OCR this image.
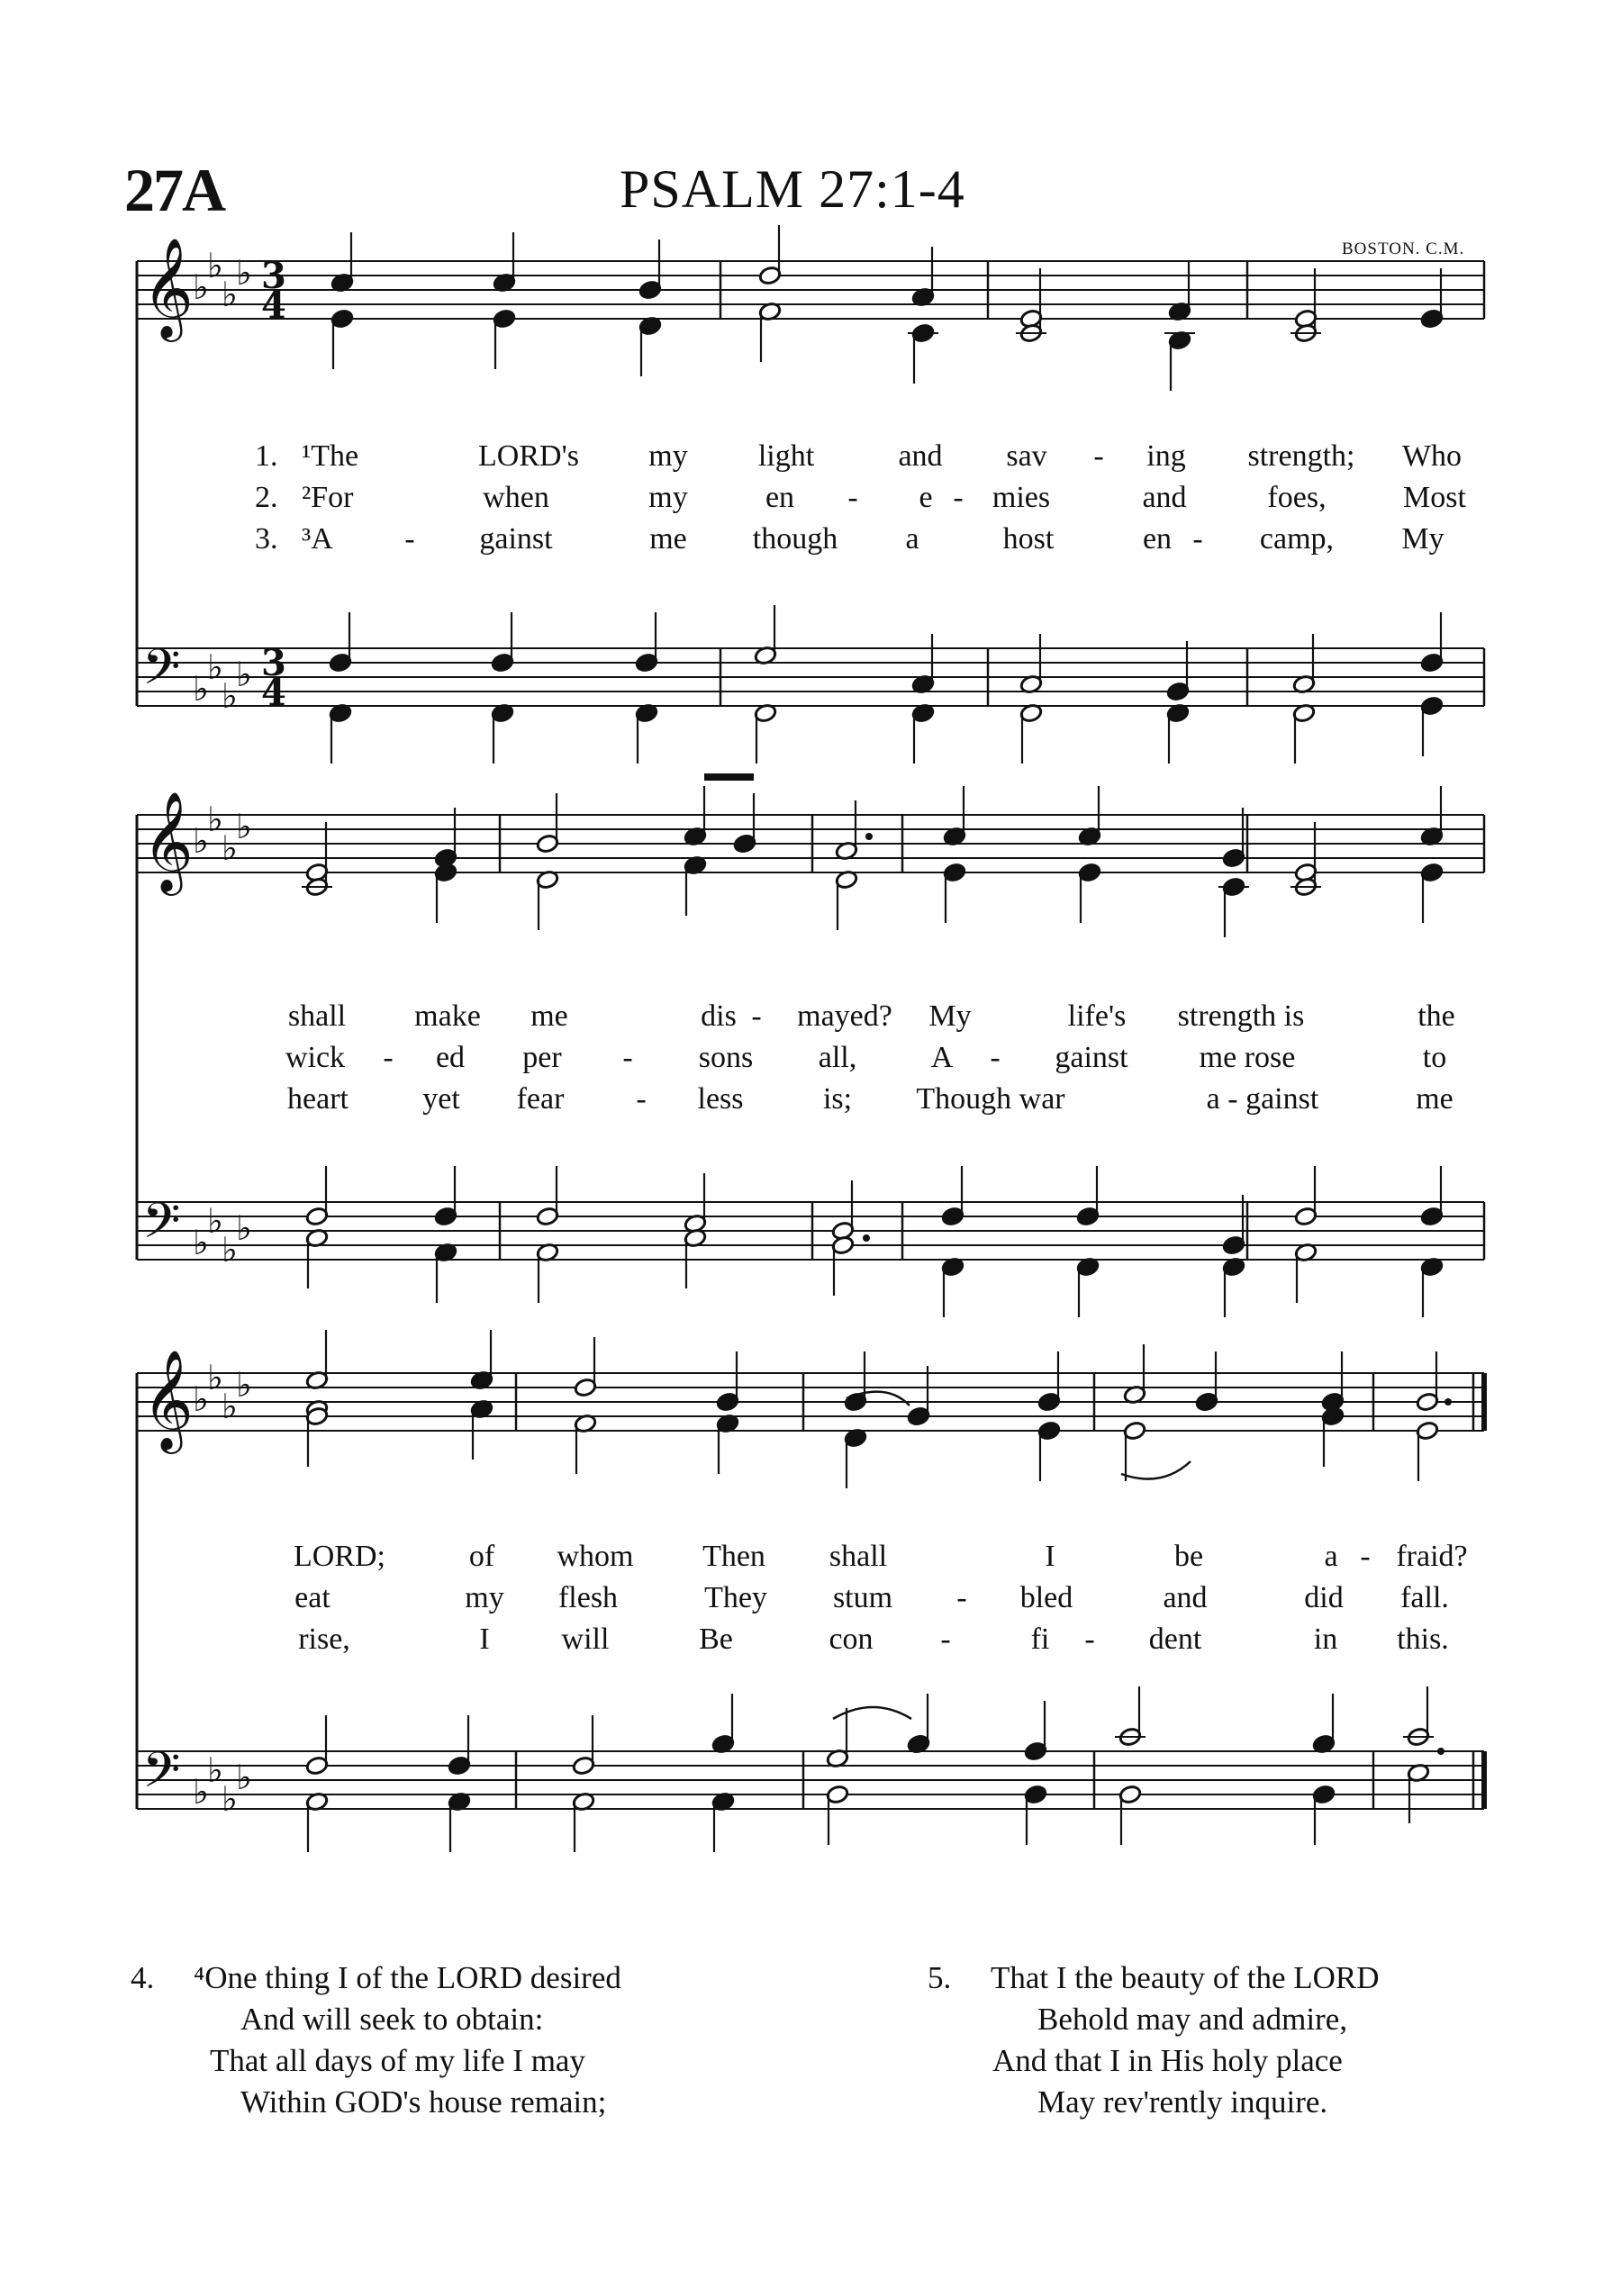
27A	PSALM 27:1-4
BOSTON. C.M.
𝄞
𝄢
♭
♭
♭
♭
♭
♭
♭
♭
3
4
3
4
𝄞
𝄢
♭
♭
♭
♭
♭
♭
♭
♭
𝄞
𝄢
♭
♭
♭
♭
♭
♭
♭
♭
1. ¹The	LORD's my light	and sav - ing strength; Who
2. ²For	when	my	en - e - mies	and	foes,	Most
3. ³A - gainst	me though a	host	en - camp, My
shall make me	dis - mayed? My	life's strength is	the
wick - ed per - sons all, A - gainst me rose	to
heart yet fear - less	is; Though war	a - gainst	me
LORD;	of whom Then shall	I	be	a - fraid?
eat	my flesh	They stum - bled	and	did fall.
rise,	I will	Be	con -	fi - dent	in this.
4. ⁴One thing I of the LORD desired
And will seek to obtain:
That all days of my life I may
Within GOD's house remain;
5. That I the beauty of the LORD
Behold may and admire,
And that I in His holy place
May rev'rently inquire.
